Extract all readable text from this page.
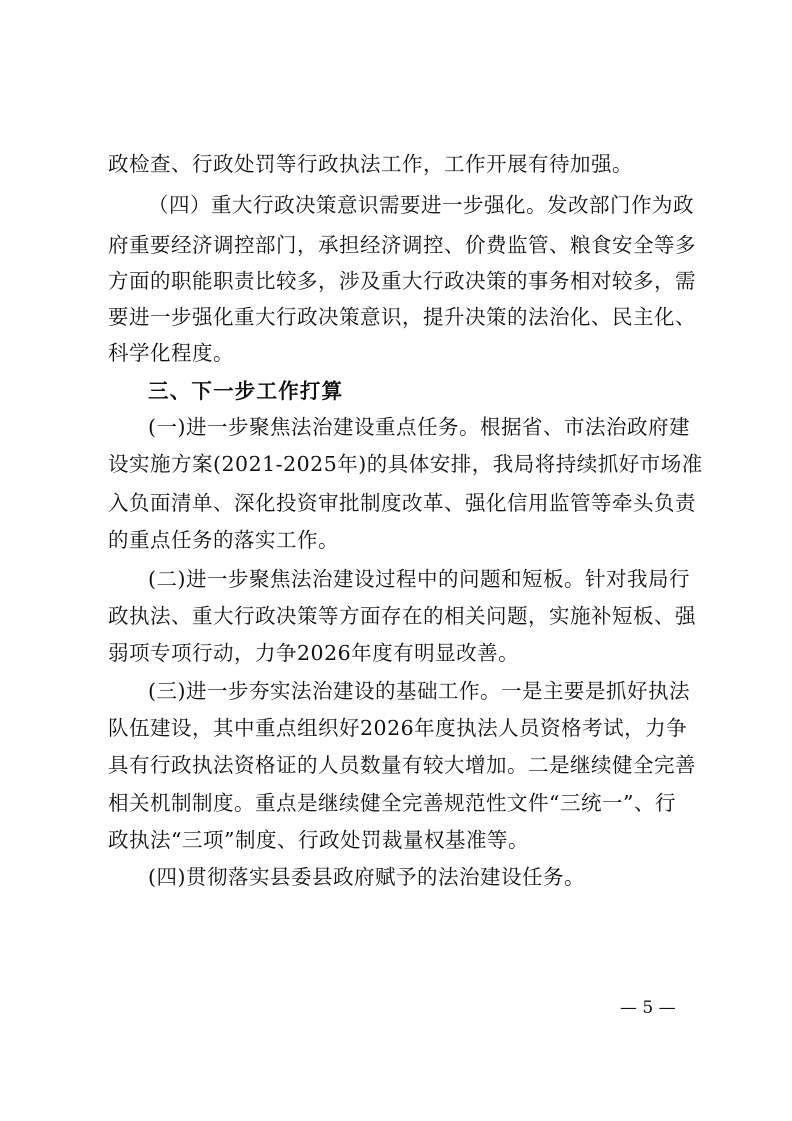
政检查、行政处罚等行政执法工作，工作开展有待加强。
（四）重大行政决策意识需要进一步强化。发改部门作为政
府重要经济调控部门，承担经济调控、价费监管、粮食安全等多
方面的职能职责比较多，涉及重大行政决策的事务相对较多，需
要进一步强化重大行政决策意识，提升决策的法治化、民主化、
科学化程度。
三、下一步工作打算
(一)进一步聚焦法治建设重点任务。根据省、市法治政府建
设实施方案(2021-2025年)的具体安排，我局将持续抓好市场准
入负面清单、深化投资审批制度改革、强化信用监管等牵头负责
的重点任务的落实工作。
(二)进一步聚焦法治建设过程中的问题和短板。针对我局行
政执法、重大行政决策等方面存在的相关问题，实施补短板、强
弱项专项行动，力争2026年度有明显改善。
(三)进一步夯实法治建设的基础工作。一是主要是抓好执法
队伍建设，其中重点组织好2026年度执法人员资格考试，力争
具有行政执法资格证的人员数量有较大增加。二是继续健全完善
相关机制制度。重点是继续健全完善规范性文件“三统一”、行
政执法“三项”制度、行政处罚裁量权基准等。
(四)贯彻落实县委县政府赋予的法治建设任务。
— 5 —
